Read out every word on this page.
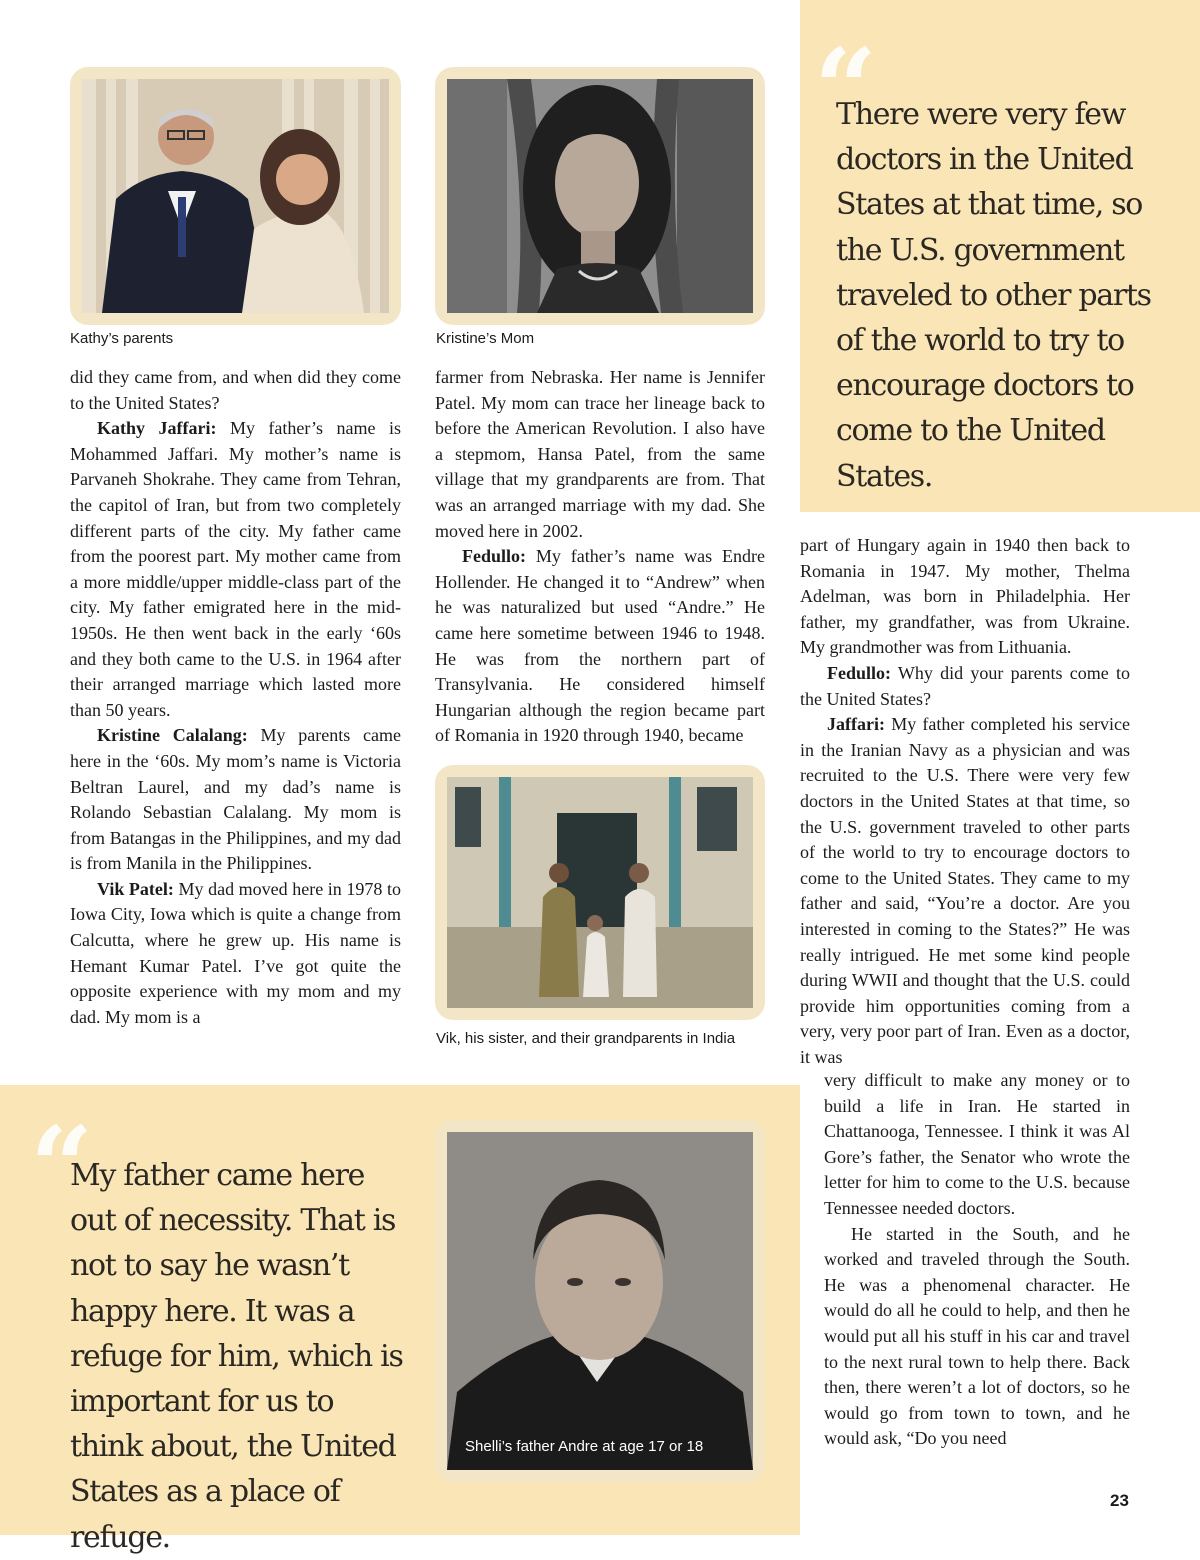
Kathy’s parents	Kristine’s Mom
“
There were very few doctors in the United States at that time, so the U.S. government traveled to other parts of the world to try to encourage doctors to come to the United States.

did they came from, and when did they come to the United States?

Kathy Jaffari: My father’s name is Mohammed Jaffari. My mother’s name is Parvaneh Shokrahe. They came from Tehran, the capitol of Iran, but from two completely different parts of the city. My father came from the poorest part. My mother came from a more middle/upper middle-class part of the city. My father emigrated here in the mid-1950s. He then went back in the early ‘60s and they both came to the U.S. in 1964 after their arranged marriage which lasted more than 50 years.

Kristine Calalang: My parents came here in the ‘60s. My mom’s name is Victoria Beltran Laurel, and my dad’s name is Rolando Sebastian Calalang. My mom is from Batangas in the Philippines, and my dad is from Manila in the Philippines.

Vik Patel: My dad moved here in 1978 to Iowa City, Iowa which is quite a change from Calcutta, where he grew up. His name is Hemant Kumar Patel. I’ve got quite the opposite experience with my mom and my dad. My mom is a

farmer from Nebraska. Her name is Jennifer Patel. My mom can trace her lineage back to before the American Revolution. I also have a stepmom, Hansa Patel, from the same village that my grandparents are from. That was an arranged marriage with my dad. She moved here in 2002.

Fedullo: My father’s name was Endre Hollender. He changed it to “Andrew” when he was naturalized but used “Andre.” He came here sometime between 1946 to 1948. He was from the northern part of Transylvania. He considered himself Hungarian although the region became part of Romania in 1920 through 1940, became

Vik, his sister, and their grandparents in India

part of Hungary again in 1940 then back to Romania in 1947. My mother, Thelma Adelman, was born in Philadelphia. Her father, my grandfather, was from Ukraine. My grandmother was from Lithuania.

Fedullo: Why did your parents come to the United States?

Jaffari: My father completed his service in the Iranian Navy as a physician and was recruited to the U.S. There were very few doctors in the United States at that time, so the U.S. government traveled to other parts of the world to try to encourage doctors to come to the United States. They came to my father and said, “You’re a doctor. Are you interested in coming to the States?” He was really intrigued. He met some kind people during WWII and thought that the U.S. could provide him opportunities coming from a very, very poor part of Iran. Even as a doctor, it was

very difficult to make any money or to build a life in Iran. He started in Chattanooga, Tennessee. I think it was Al Gore’s father, the Senator who wrote the letter for him to come to the U.S. because Tennessee needed doctors.

He started in the South, and he worked and traveled through the South. He was a phenomenal character. He would do all he could to help, and then he would put all his stuff in his car and travel to the next rural town to help there. Back then, there weren’t a lot of doctors, so he would go from town to town, and he would ask, “Do you need

“
My father came here out of necessity. That is not to say he wasn’t happy here. It was a refuge for him, which is important for us to think about, the United States as a place of refuge.
Shelli’s father Andre at age 17 or 18
23
